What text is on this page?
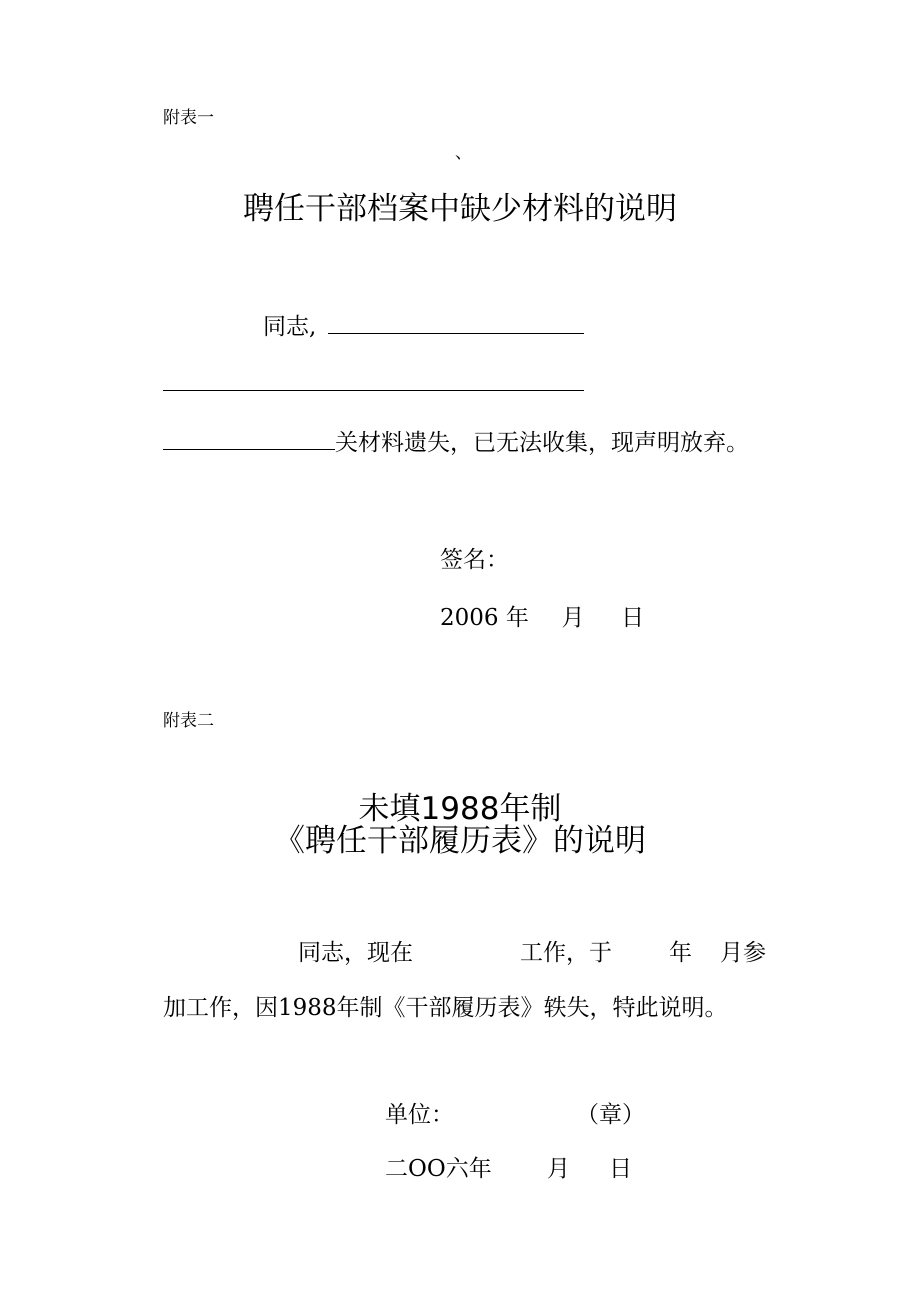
附表一
、
聘任干部档案中缺少材料的说明
同志,
关材料遗失，已无法收集，现声明放弃。
签名：
2006 年 月 日
附表二
未填1988年制
《聘任干部履历表》的说明
同志，现在	工作，于 年 月参
加工作，因1988年制《干部履历表》轶失，特此说明。
单位：	（章）
二OO六年 月 日
